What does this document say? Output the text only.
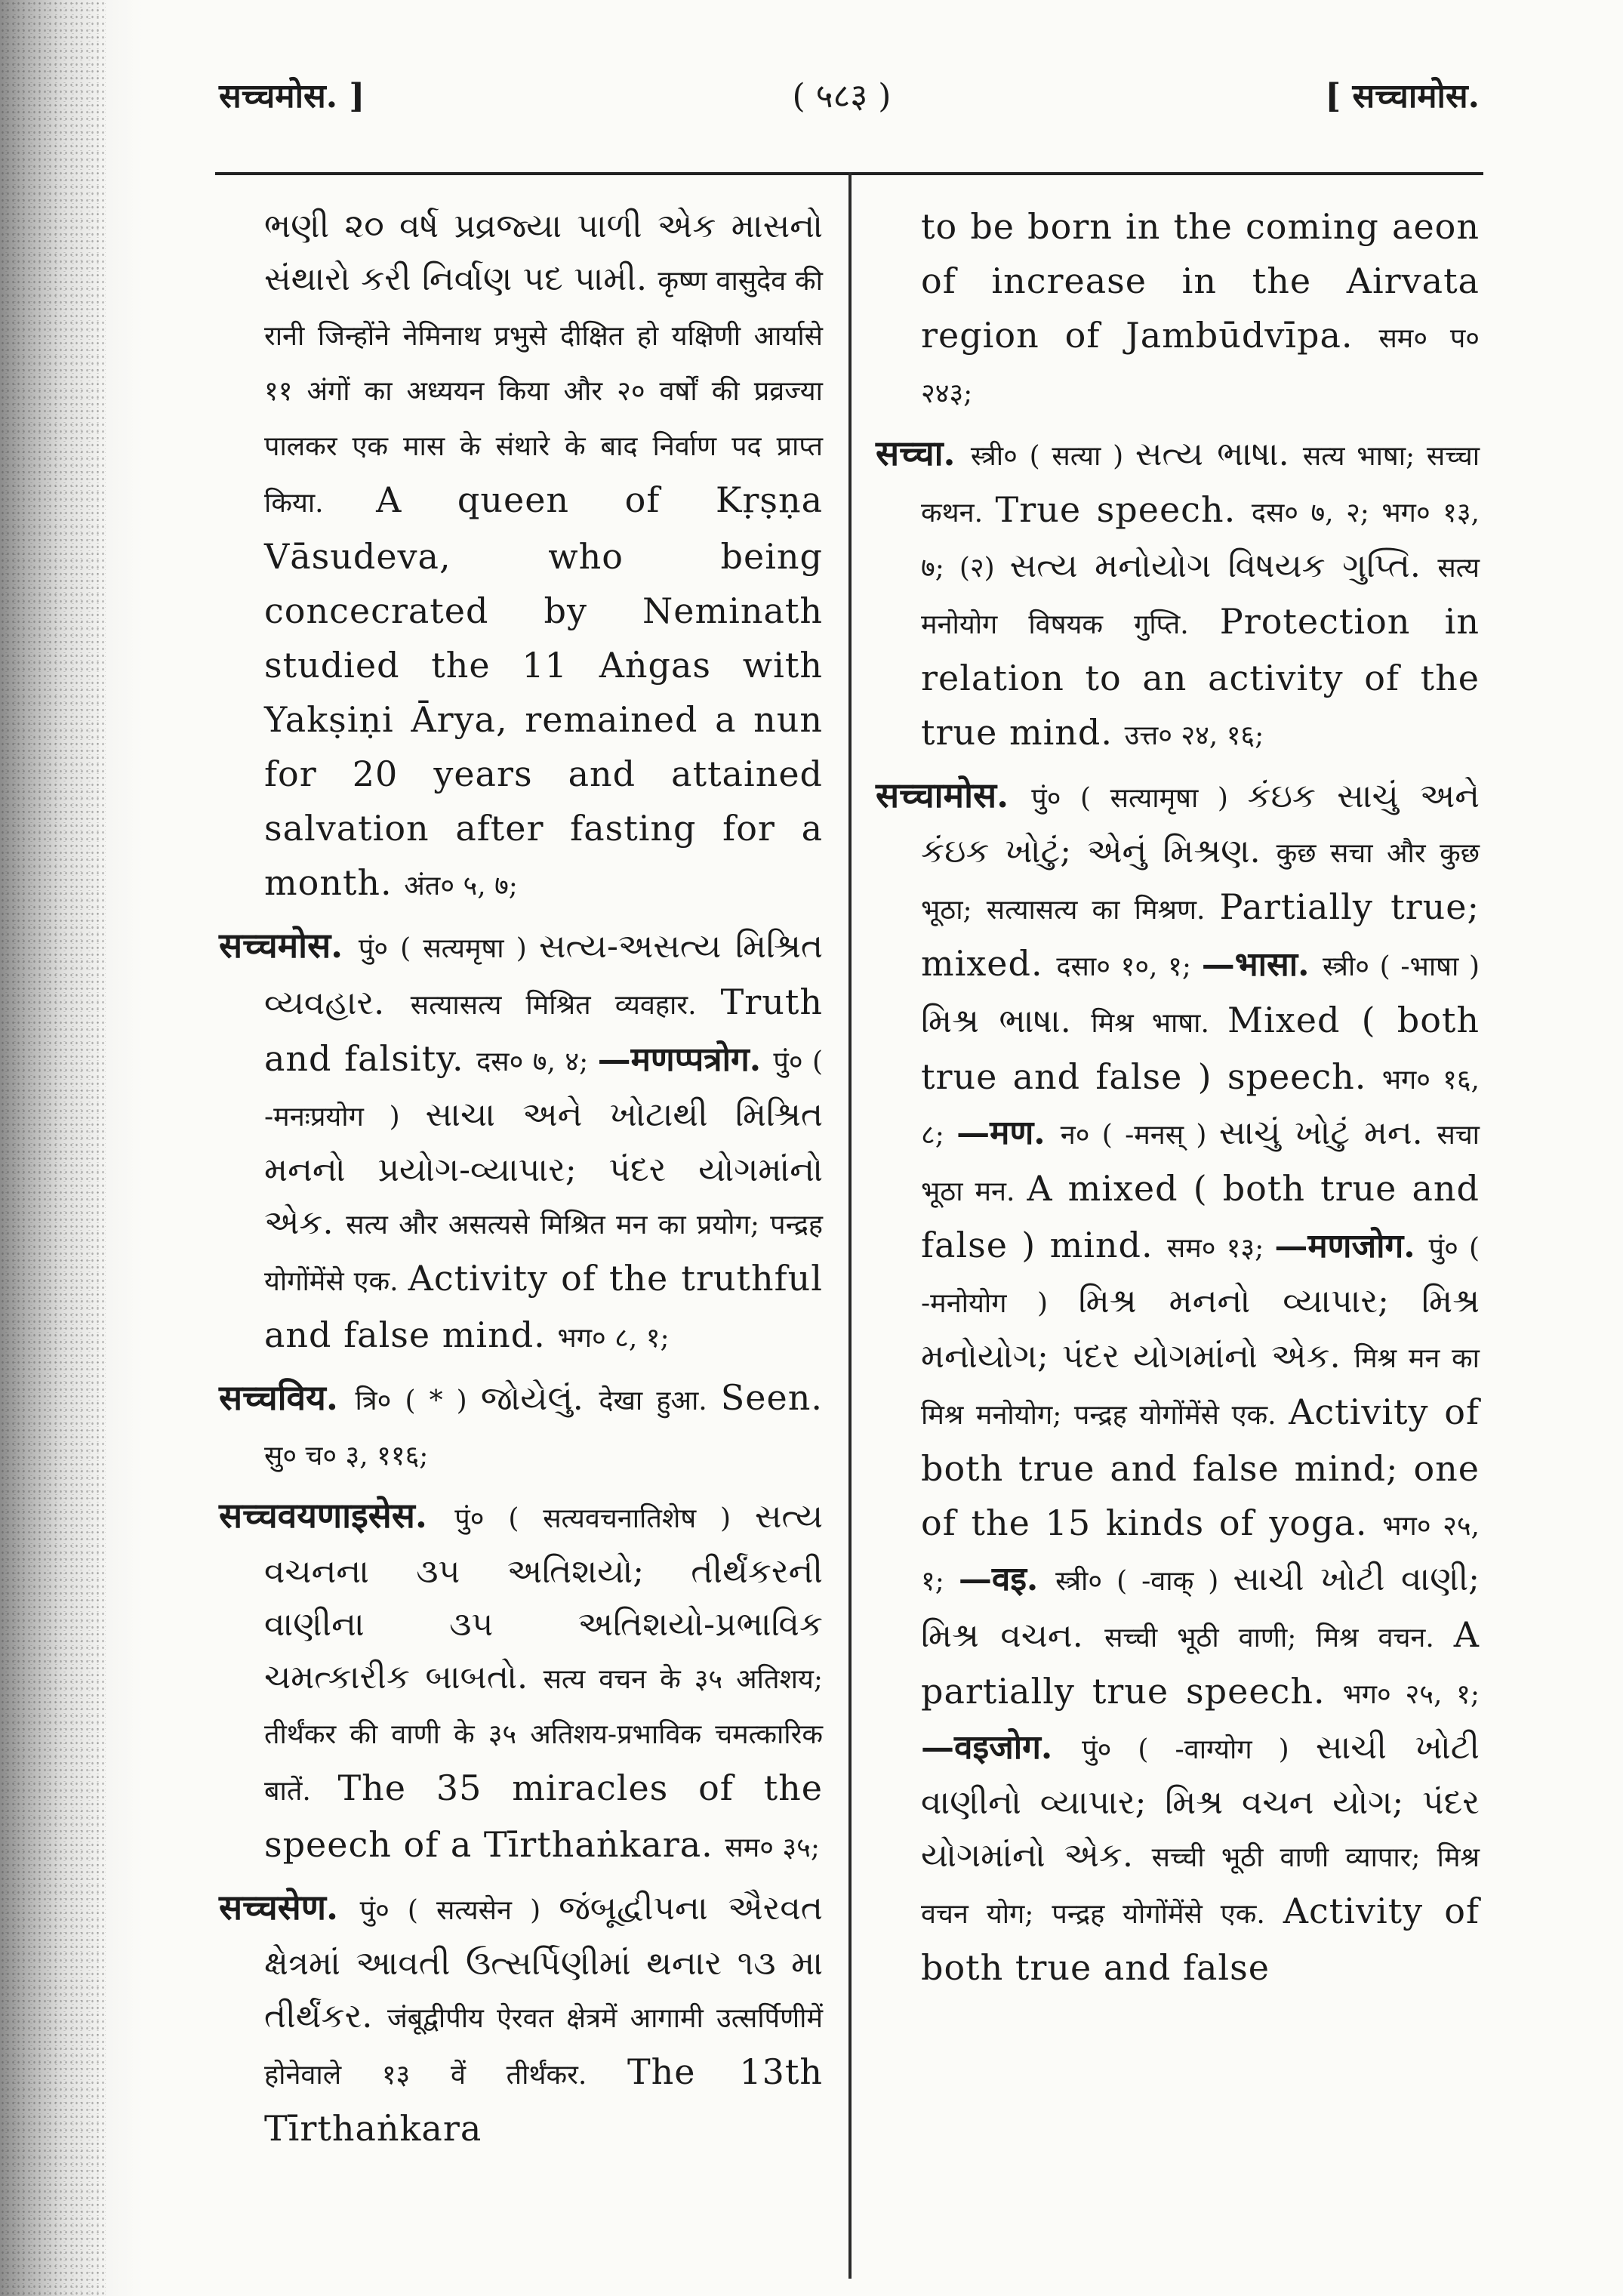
सच्चमोस. ]	( ५८३ )	[ सच्चामोस.

ભણી ૨૦ વર્ષ પ્રવ્રજ્યા પાળી એક માસનો સંથારો કરી નિર્વાણ પદ પામી. कृष्ण वासुदेव की रानी जिन्होंने नेमिनाथ प्रभुसे दीक्षित हो यक्षिणी आर्यासे ११ अंगों का अध्ययन किया और २० वर्षों की प्रव्रज्या पालकर एक मास के संथारे के बाद निर्वाण पद प्राप्त किया. A queen of Kṛṣṇa Vāsudeva, who being concecrated by Neminath studied the 11 Aṅgas with Yakṣiṇi Ārya, remained a nun for 20 years and attained salvation after fasting for a month. अंत० ५, ७;

सच्चमोस. पुं० ( सत्यमृषा ) સત્ય-અસત્ય મિશ્રિત વ્યવહાર. सत्यासत्य मिश्रित व्यवहार. Truth and falsity. दस० ७, ४; —मणप्पत्रोग. पुं० ( -मनःप्रयोग ) સાચા અને ખોટાથી મિશ્રિત મનનો પ્રયોગ-વ્યાપાર; પંદર યોગમાંનો એક. सत्य और असत्यसे मिश्रित मन का प्रयोग; पन्द्रह योगोंमेंसे एक. Activity of the truthful and false mind. भग० ८, १;

सच्चविय. त्रि० ( * ) જોયેલું. देखा हुआ. Seen. सु० च० ३, ११६;

सच्चवयणाइसेस. पुं० ( सत्यवचनातिशेष ) સત્ય વચનના ૩૫ અતિશયો; તીર્થંકરની વાણીના ૩૫ અતિશયો-પ્રભાવિક ચમત્કારીક બાબતો. सत्य वचन के ३५ अतिशय; तीर्थंकर की वाणी के ३५ अतिशय-प्रभाविक चमत्कारिक बातें. The 35 miracles of the speech of a Tīrthaṅkara. सम० ३५;

सच्चसेण. पुं० ( सत्यसेन ) જંબૂદ્વીપના ઐરવત ક્ષેત્રમાં આવતી ઉત્સર્પિણીમાં થનાર ૧૩ મા તીર્થંકર. जंबूद्वीपीय ऐरवत क्षेत्रमें आगामी उत्सर्पिणीमें होनेवाले १३ वें तीर्थंकर. The 13th Tīrthaṅkara

to be born in the coming aeon of increase in the Airvata region of Jambūdvīpa. सम० प० २४३;

सच्चा. स्त्री० ( सत्या ) સત્ય ભાષા. सत्य भाषा; सच्चा कथन. True speech. दस० ७, २; भग० १३, ७; (२) સત્ય મનોયોગ વિષયક ગુપ્તિ. सत्य मनोयोग विषयक गुप्ति. Protection in relation to an activity of the true mind. उत्त० २४, १६;

सच्चामोस. पुं० ( सत्यामृषा ) કંઇક સાચું અને કંઇક ખોટું; એનું મિશ્રણ. कुछ सचा और कुछ भूठा; सत्यासत्य का मिश्रण. Partially true; mixed. दसा० १०, १; —भासा. स्त्री० ( -भाषा ) મિશ્ર ભાષા. मिश्र भाषा. Mixed ( both true and false ) speech. भग० १६, ८; —मण. न० ( -मनस् ) સાચું ખોટું મન. सचा भूठा मन. A mixed ( both true and false ) mind. सम० १३; —मणजोग. पुं० ( -मनोयोग ) મિશ્ર મનનો વ્યાપાર; મિશ્ર મનોયોગ; પંદર યોગમાંનો એક. मिश्र मन का मिश्र मनोयोग; पन्द्रह योगोंमेंसे एक. Activity of both true and false mind; one of the 15 kinds of yoga. भग० २५, १; —वइ. स्त्री० ( -वाक् ) સાચી ખોટી વાણી; મિશ્ર વચન. सच्ची भूठी वाणी; मिश्र वचन. A partially true speech. भग० २५, १; —वइजोग. पुं० ( -वाग्योग ) સાચી ખોટી વાણીનો વ્યાપાર; મિશ્ર વચન યોગ; પંદર યોગમાંનો એક. सच्ची भूठी वाणी व्यापार; मिश्र वचन योग; पन्द्रह योगोंमेंसे एक. Activity of both true and false
